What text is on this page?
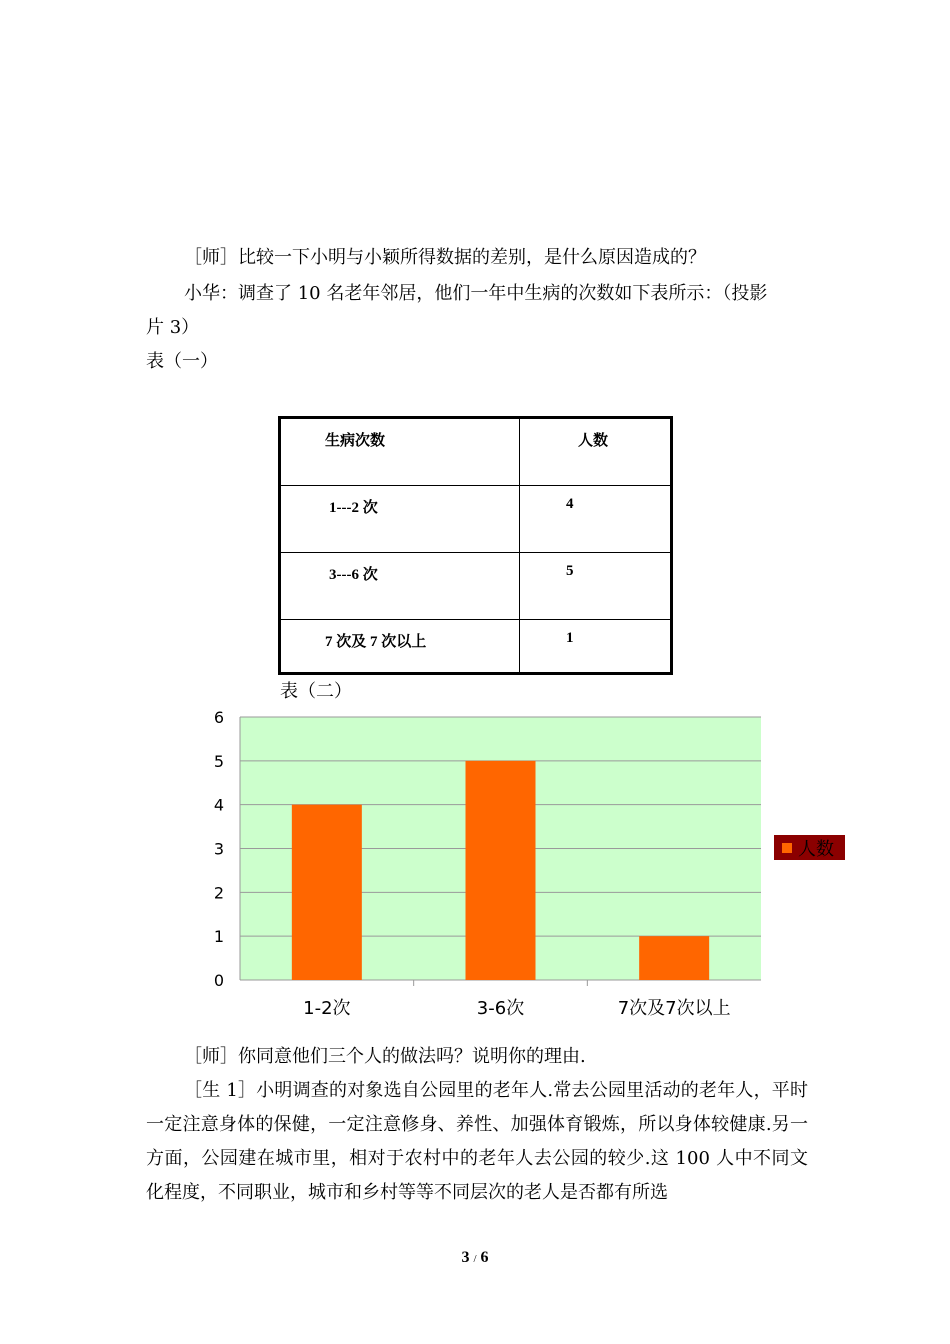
［师］比较一下小明与小颖所得数据的差别，是什么原因造成的？
小华：调查了 10 名老年邻居，他们一年中生病的次数如下表所示：（投影
片 3）
表（一）
生病次数	人数
1---2 次	4
3---6 次	5
7 次及 7 次以上	1
表（二）
0
1
2
3
4
5
6
1-2次	3-6次	7次及7次以上
人数
［师］你同意他们三个人的做法吗？说明你的理由.
［生 1］小明调查的对象选自公园里的老年人.常去公园里活动的老年人，平时一定注意身体的保健，一定注意修身、养性、加强体育锻炼，所以身体较健康.另一方面，公园建在城市里，相对于农村中的老年人去公园的较少.这 100 人中不同文化程度，不同职业，城市和乡村等等不同层次的老人是否都有所选
3 / 6
